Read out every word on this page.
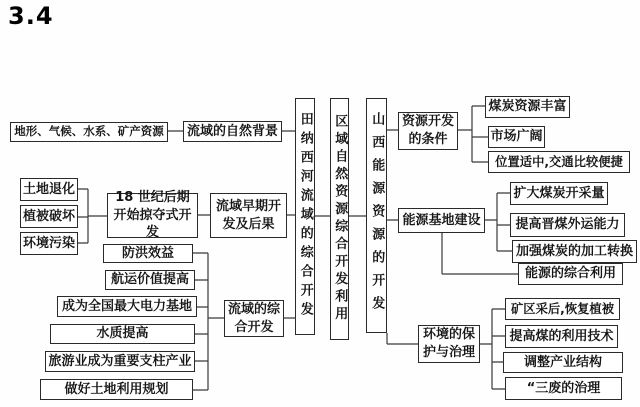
3.4
地形、气候、水系、矿产资源	流域的自然背景
土地退化
植被破坏
环境污染
18 世纪后期开始掠夺式开发
流域早期开发及后果
防洪效益
航运价值提高
成为全国最大电力基地
水质提高
旅游业成为重要支柱产业
做好土地利用规划
流域的综合开发
田纳西河流域的综合开发 区域自然资源综合开发利用 山西能源资源的开发	资源开发的条件
煤炭资源丰富
市场广阔
位置适中,交通比较便捷
能源基地建设
扩大煤炭开采量
提高晋煤外运能力
加强煤炭的加工转换
能源的综合利用
环境的保护与治理
矿区采后,恢复植被
提高煤的利用技术
调整产业结构
“三废的治理
